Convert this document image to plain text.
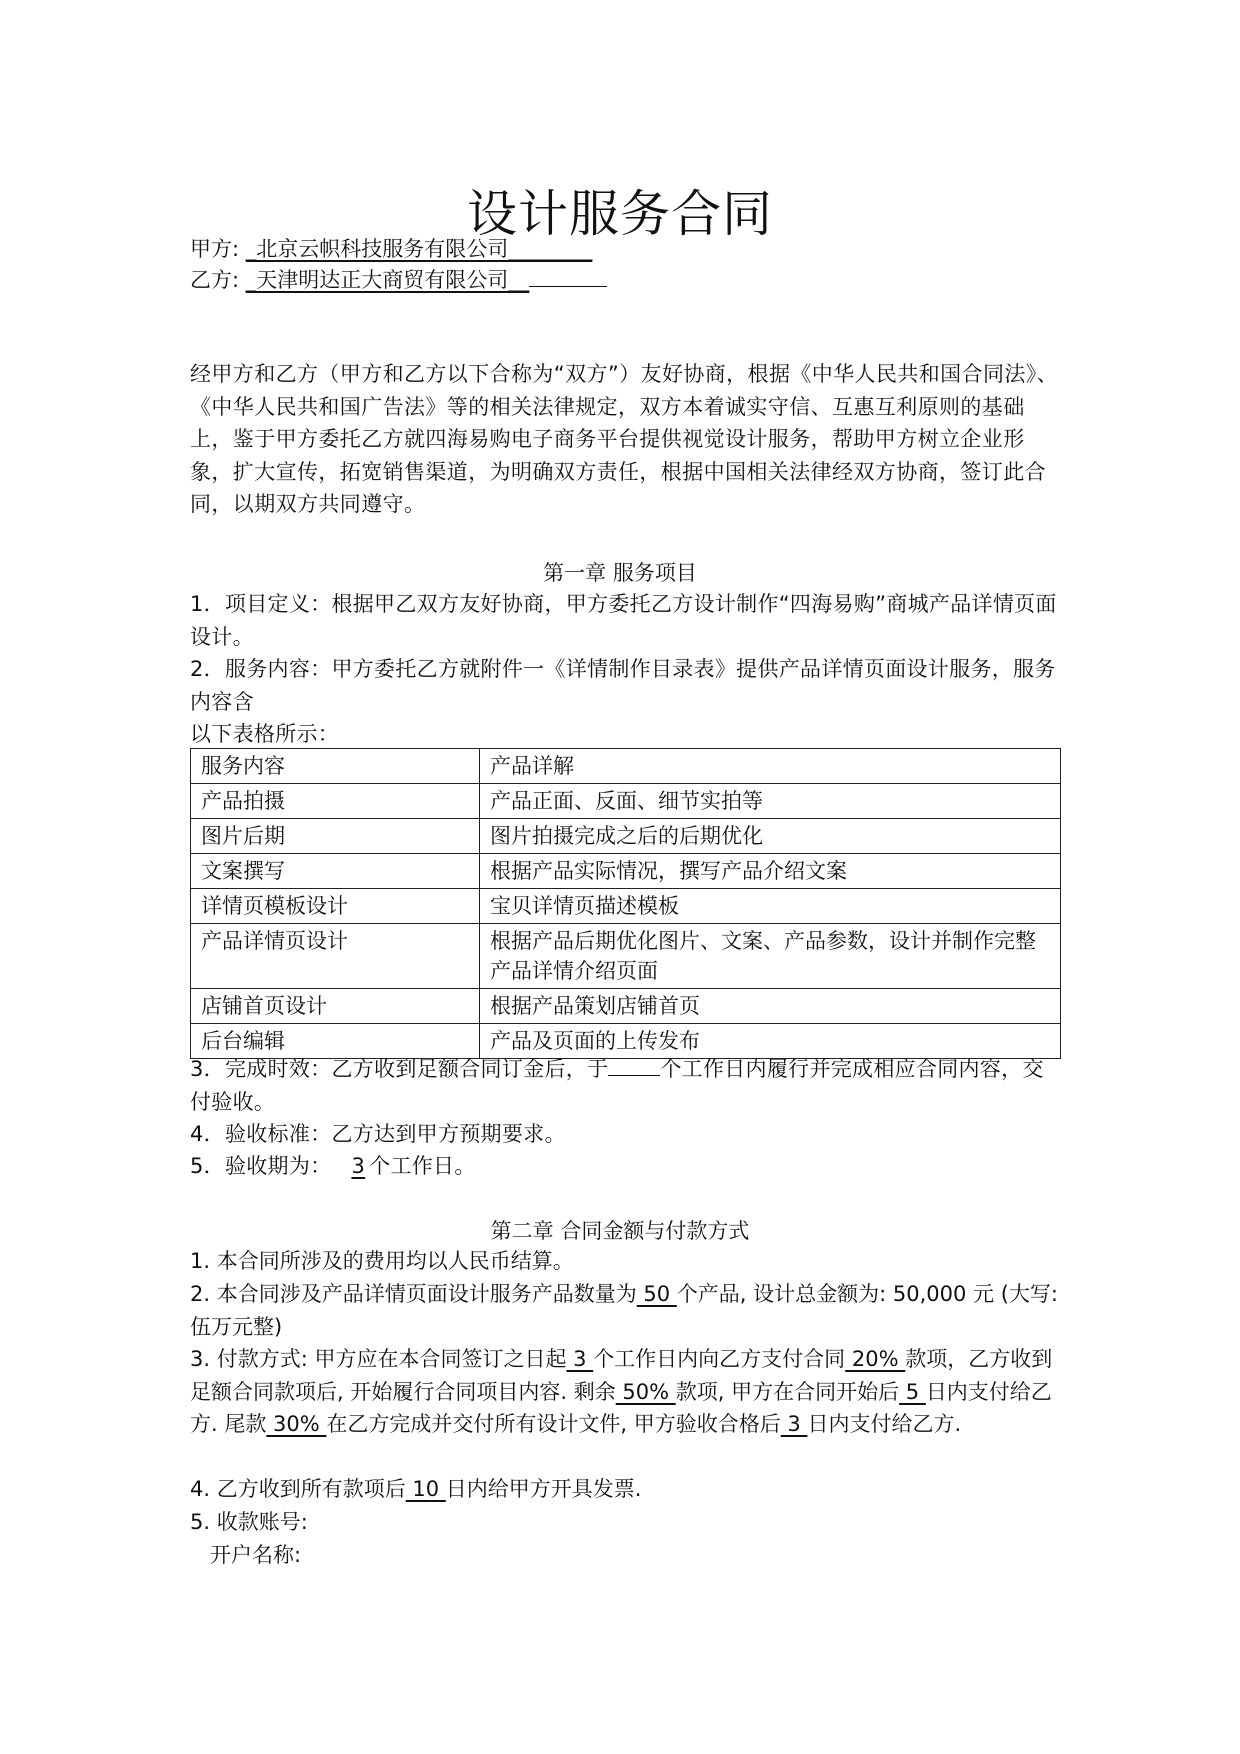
设计服务合同
甲方: _北京云帜科技服务有限公司________
乙方: _天津明达正大商贸有限公司__
经甲方和乙方（甲方和乙方以下合称为“双方”）友好协商，根据《中华人民共和国合同法》、《中华人民共和国广告法》等的相关法律规定，双方本着诚实守信、互惠互利原则的基础上，鉴于甲方委托乙方就四海易购电子商务平台提供视觉设计服务，帮助甲方树立企业形象，扩大宣传，拓宽销售渠道，为明确双方责任，根据中国相关法律经双方协商，签订此合同，以期双方共同遵守。
第一章 服务项目
1．项目定义：根据甲乙双方友好协商，甲方委托乙方设计制作“四海易购”商城产品详情页面设计。
2．服务内容：甲方委托乙方就附件一《详情制作目录表》提供产品详情页面设计服务，服务内容含
以下表格所示：
服务内容	产品详解
产品拍摄	产品正面、反面、细节实拍等
图片后期	图片拍摄完成之后的后期优化
文案撰写	根据产品实际情况，撰写产品介绍文案
详情页模板设计	宝贝详情页描述模板
产品详情页设计	根据产品后期优化图片、文案、产品参数，设计并制作完整产品详情介绍页面
店铺首页设计	根据产品策划店铺首页
后台编辑	产品及页面的上传发布
3．完成时效：乙方收到足额合同订金后，于 个工作日内履行并完成相应合同内容，交付验收。
4．验收标准：乙方达到甲方预期要求。
5．验收期为： 3 个工作日。
第二章 合同金额与付款方式
1. 本合同所涉及的费用均以人民币结算。
2. 本合同涉及产品详情页面设计服务产品数量为 50 个产品, 设计总金额为: 50,000 元 (大写: 伍万元整)
3. 付款方式: 甲方应在本合同签订之日起 3 个工作日内向乙方支付合同 20% 款项，乙方收到足额合同款项后, 开始履行合同项目内容. 剩余 50% 款项, 甲方在合同开始后 5 日内支付给乙方. 尾款 30% 在乙方完成并交付所有设计文件, 甲方验收合格后 3 日内支付给乙方.
4. 乙方收到所有款项后 10 日内给甲方开具发票.
5. 收款账号:
开户名称:
